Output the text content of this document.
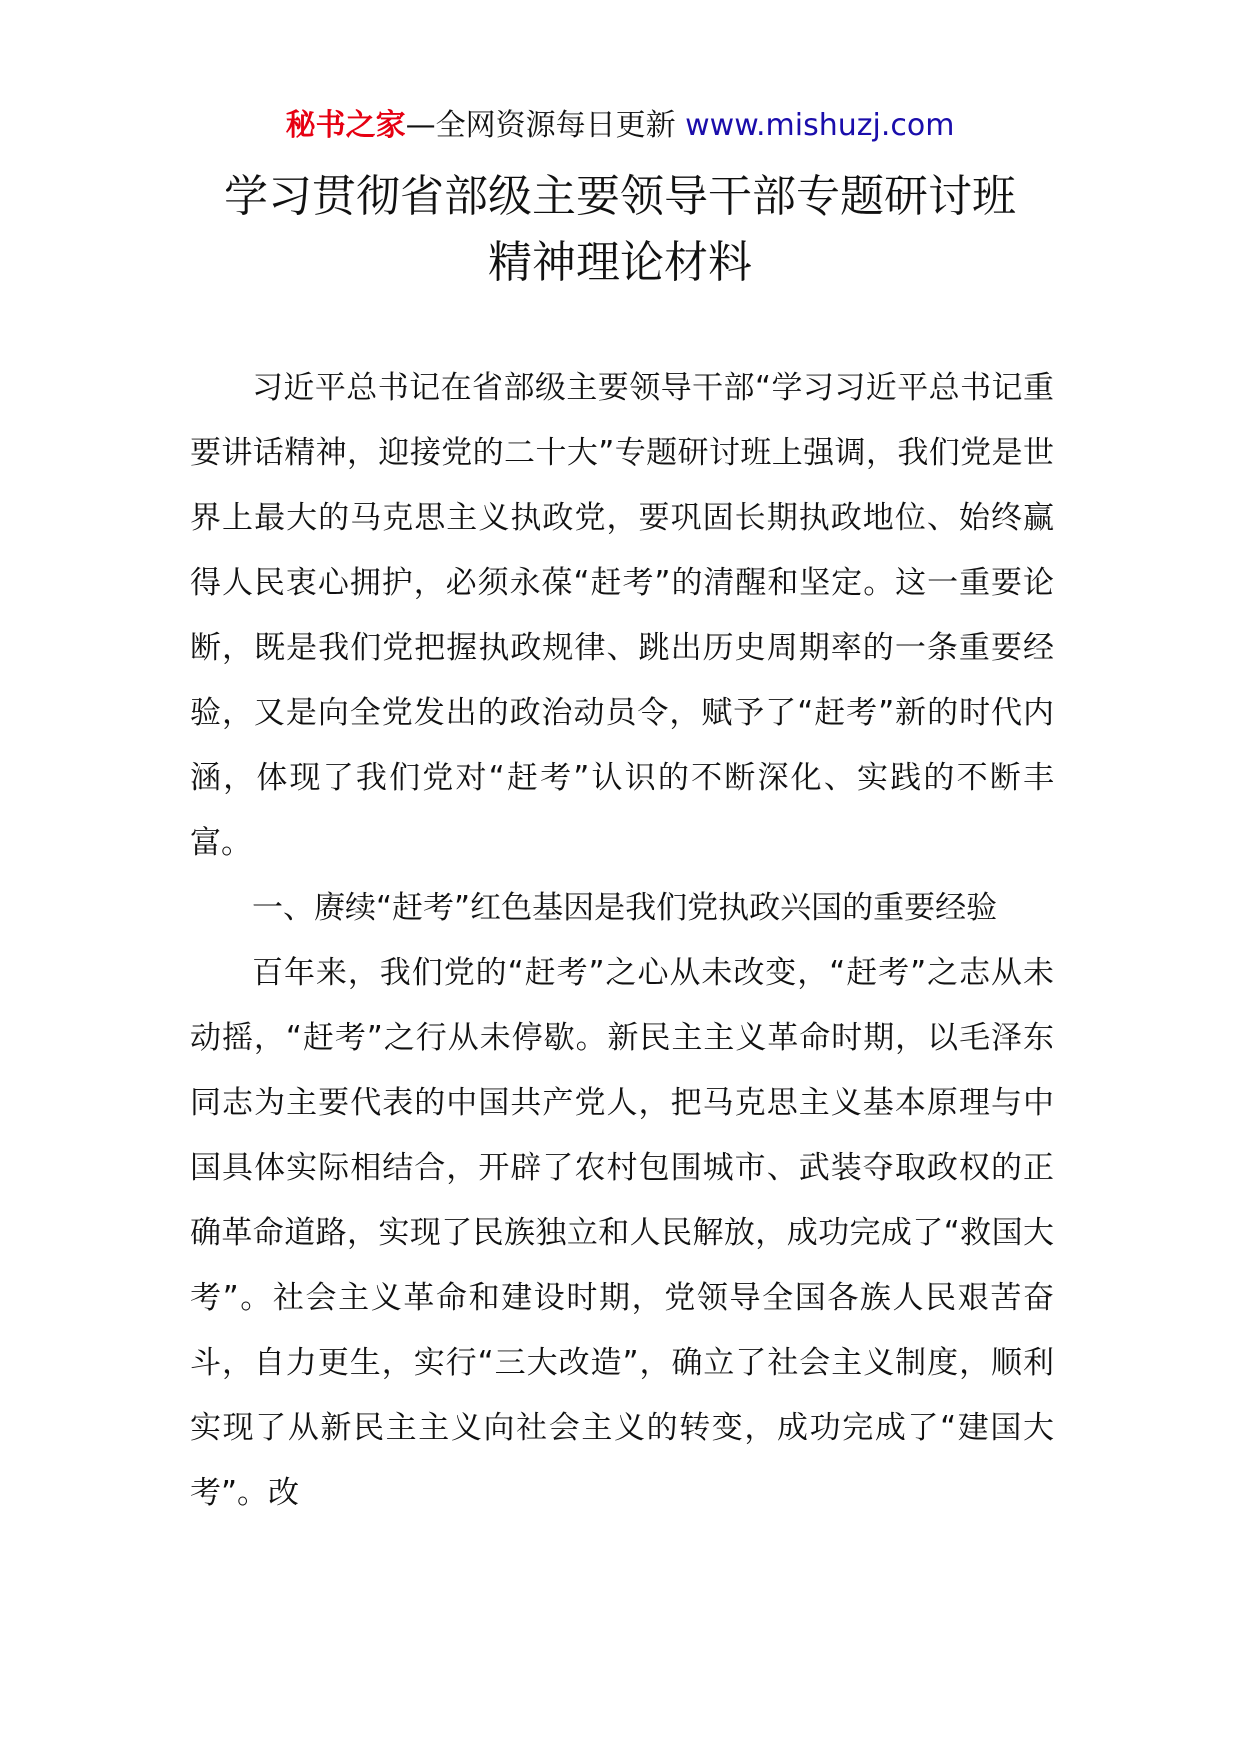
秘书之家—全网资源每日更新 www.mishuzj.com
学习贯彻省部级主要领导干部专题研讨班
精神理论材料

习近平总书记在省部级主要领导干部“学习习近平总书记重要讲话精神，迎接党的二十大”专题研讨班上强调，我们党是世界上最大的马克思主义执政党，要巩固长期执政地位、始终赢得人民衷心拥护，必须永葆“赶考”的清醒和坚定。这一重要论断，既是我们党把握执政规律、跳出历史周期率的一条重要经验，又是向全党发出的政治动员令，赋予了“赶考”新的时代内涵，体现了我们党对“赶考”认识的不断深化、实践的不断丰富。

一、赓续“赶考”红色基因是我们党执政兴国的重要经验

百年来，我们党的“赶考”之心从未改变，“赶考”之志从未动摇，“赶考”之行从未停歇。新民主主义革命时期，以毛泽东同志为主要代表的中国共产党人，把马克思主义基本原理与中国具体实际相结合，开辟了农村包围城市、武装夺取政权的正确革命道路，实现了民族独立和人民解放，成功完成了“救国大考”。社会主义革命和建设时期，党领导全国各族人民艰苦奋斗，自力更生，实行“三大改造”，确立了社会主义制度，顺利实现了从新民主主义向社会主义的转变，成功完成了“建国大考”。改
